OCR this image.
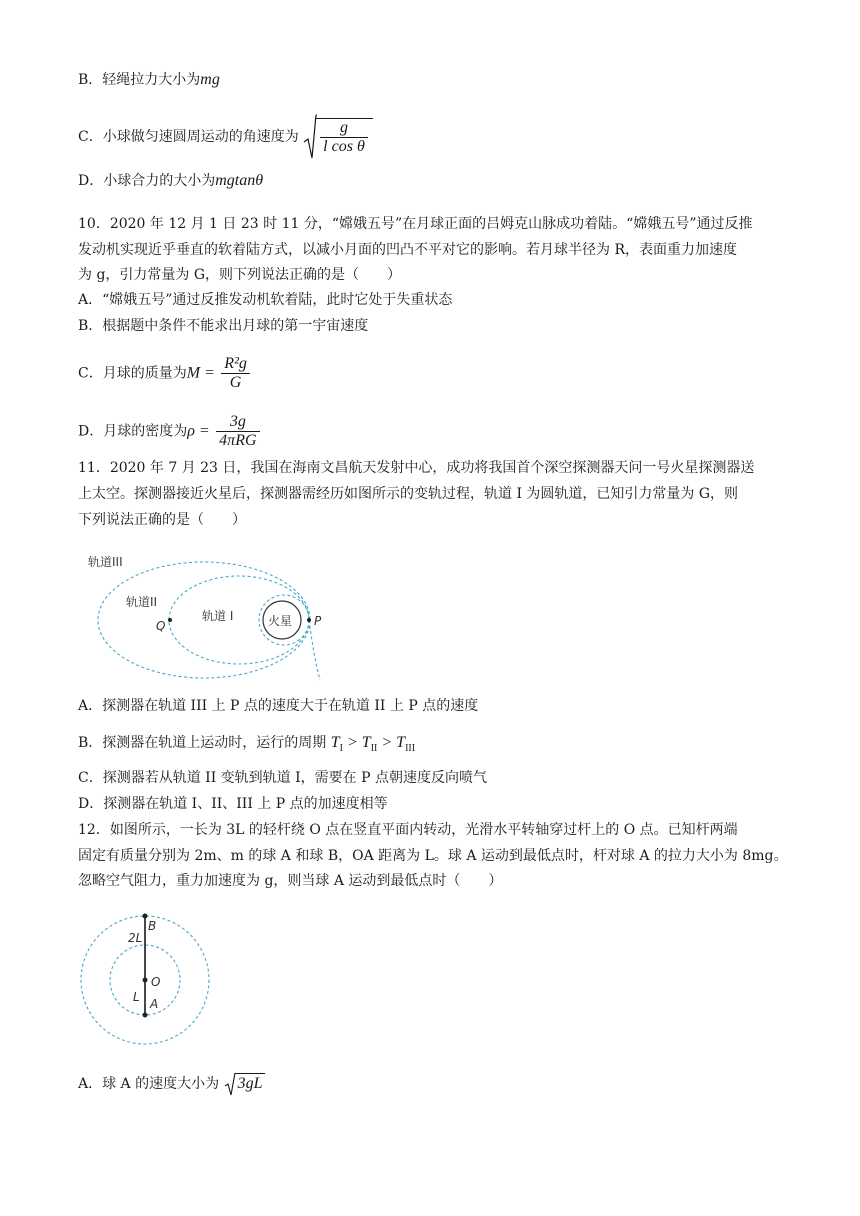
B．轻绳拉力大小为mg
C．小球做匀速圆周运动的角速度为 $\frac{g}{\text{l cos θ}}$
D．小球合力的大小为mgtanθ
10．2020 年 12 月 1 日 23 时 11 分，“嫦娥五号”在月球正面的吕姆克山脉成功着陆。“嫦娥五号”通过反推
发动机实现近乎垂直的软着陆方式，以减小月面的凹凸不平对它的影响。若月球半径为 R，表面重力加速度
为 g，引力常量为 G，则下列说法正确的是（　　）
A．“嫦娥五号”通过反推发动机软着陆，此时它处于失重状态
B．根据题中条件不能求出月球的第一宇宙速度
C．月球的质量为$M = \frac{\text{R²g}}{G}$
D．月球的密度为$\rho = \frac{3g}{\text{4πRG}}$
11．2020 年 7 月 23 日，我国在海南文昌航天发射中心，成功将我国首个深空探测器天问一号火星探测器送
上太空。探测器接近火星后，探测器需经历如图所示的变轨过程，轨道 I 为圆轨道，已知引力常量为 G，则
下列说法正确的是（　　）
轨道III
轨道II
轨道 I	火星
Q	P
A．探测器在轨道 III 上 P 点的速度大于在轨道 II 上 P 点的速度
B．探测器在轨道上运动时，运行的周期 $T_I > T_{II} > T_{III}$
C．探测器若从轨道 II 变轨到轨道 I，需要在 P 点朝速度反向喷气
D．探测器在轨道 I、II、III 上 P 点的加速度相等
12．如图所示，一长为 3L 的轻杆绕 O 点在竖直平面内转动，光滑水平转轴穿过杆上的 O 点。已知杆两端
固定有质量分别为 2m、m 的球 A 和球 B，OA 距离为 L。球 A 运动到最低点时，杆对球 A 的拉力大小为 8mg。
忽略空气阻力，重力加速度为 g，则当球 A 运动到最低点时（　　）
2L
B
O
L A
A．球 A 的速度大小为 3gL
